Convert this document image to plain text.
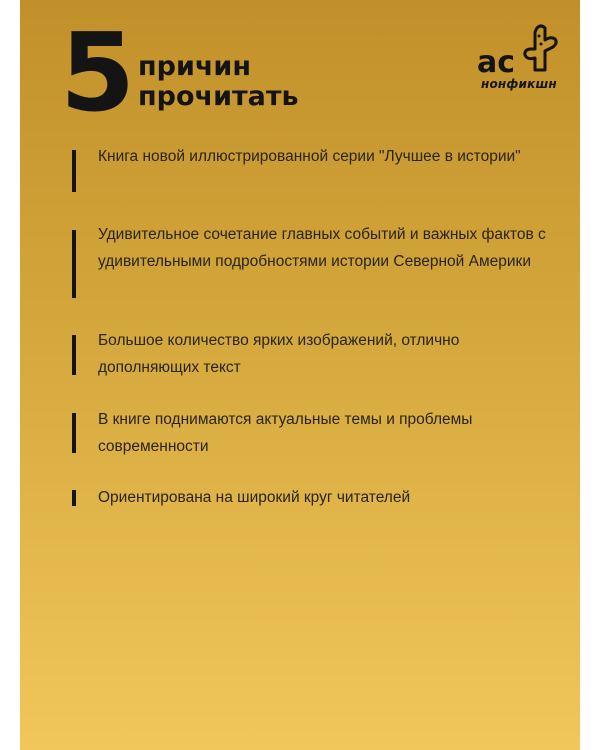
5 причин
прочитать
ас
нонфикшн
Книга новой иллюстрированной серии "Лучшее в истории"
Удивительное сочетание главных событий и важных фактов с удивительными подробностями истории Северной Америки
Большое количество ярких изображений, отлично дополняющих текст
В книге поднимаются актуальные темы и проблемы современности
Ориентирована на широкий круг читателей
